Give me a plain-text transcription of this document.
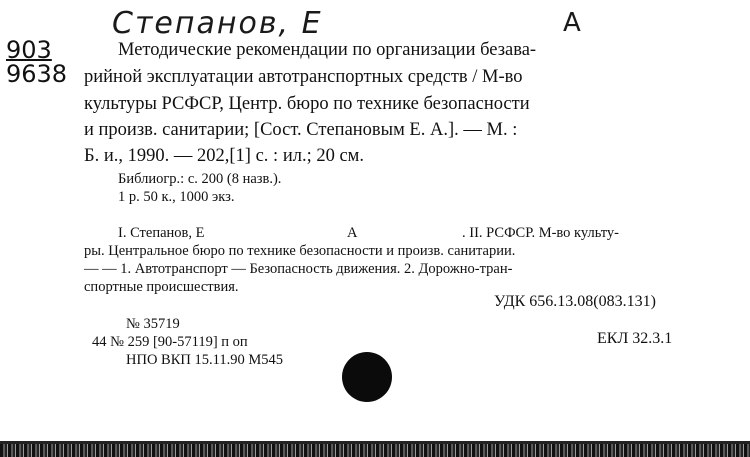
Степанов, Е	А
903
9638
Методические рекомендации по организации безава-
рийной эксплуатации автотранспортных средств / М-во
культуры РСФСР, Центр. бюро по технике безопасности
и произв. санитарии; [Сост. Степановым Е. А.]. — М. :
Б. и., 1990. — 202,[1] с. : ил.; 20 см.
Библиогр.: с. 200 (8 назв.).
1 р. 50 к., 1000 экз.
I. Степанов, Е	А	. II. РСФСР. М-во культу-
ры. Центральное бюро по технике безопасности и произв. санитарии.
— — 1. Автотранспорт — Безопасность движения. 2. Дорожно-тран-
спортные происшествия.
УДК 656.13.08(083.131)
№ 35719
44 № 259 [90-57119] п оп
НПО ВКП 15.11.90 М545
ЕКЛ 32.3.1
